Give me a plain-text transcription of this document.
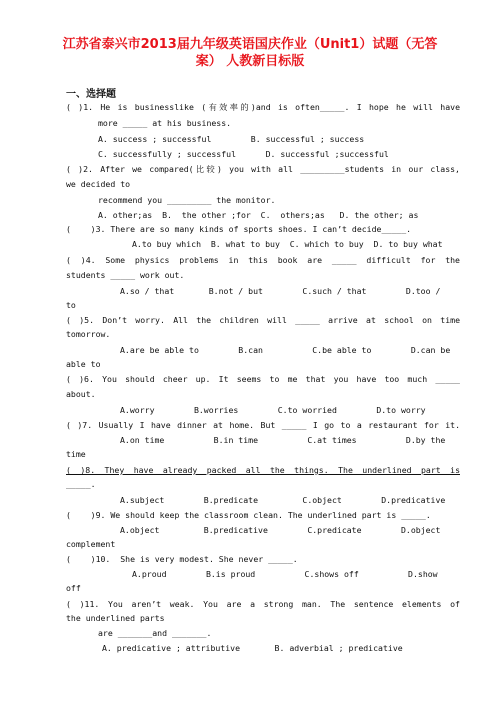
江苏省泰兴市2013届九年级英语国庆作业（Unit1）试题（无答
案） 人教新目标版

一、选择题

( )1. He is businesslike (有效率的)and is often_____. I hope he will have

more _____ at his business.

A. success ; successful        B. successful ; success

C. successfully ; successful      D. successful ;successful

( )2. After we compared(比较) you with all _________students in our class,

we decided to

recommend you _________ the monitor.

A. other;as  B.  the other ;for  C.  others;as   D. the other; as

(    )3. There are so many kinds of sports shoes. I can’t decide_____.

A.to buy which  B. what to buy  C. which to buy  D. to buy what

( )4. Some physics problems in this book are _____ difficult for the

students _____ work out.

A.so / that       B.not / but        C.such / that        D.too /

to

( )5. Don’t worry. All the children will _____ arrive at school on time

tomorrow.

A.are be able to        B.can          C.be able to        D.can be

able to

( )6. You should cheer up. It seems to me that you have too much _____

about.

A.worry        B.worries        C.to worried        D.to worry

( )7. Usually I have dinner at home. But _____ I go to a restaurant for it.

A.on time          B.in time          C.at times          D.by the

time

( )8. They have already packed all the things. The underlined part is

_____.

A.subject        B.predicate         C.object        D.predicative

(    )9. We should keep the classroom clean. The underlined part is _____.

A.object         B.predicative        C.predicate        D.object

complement

(    )10.  She is very modest. She never _____.

A.proud        B.is proud          C.shows off          D.show

off

( )11. You aren’t weak. You are a strong man. The sentence elements of

the underlined parts

are _______and _______.

A. predicative ; attributive       B. adverbial ; predicative
